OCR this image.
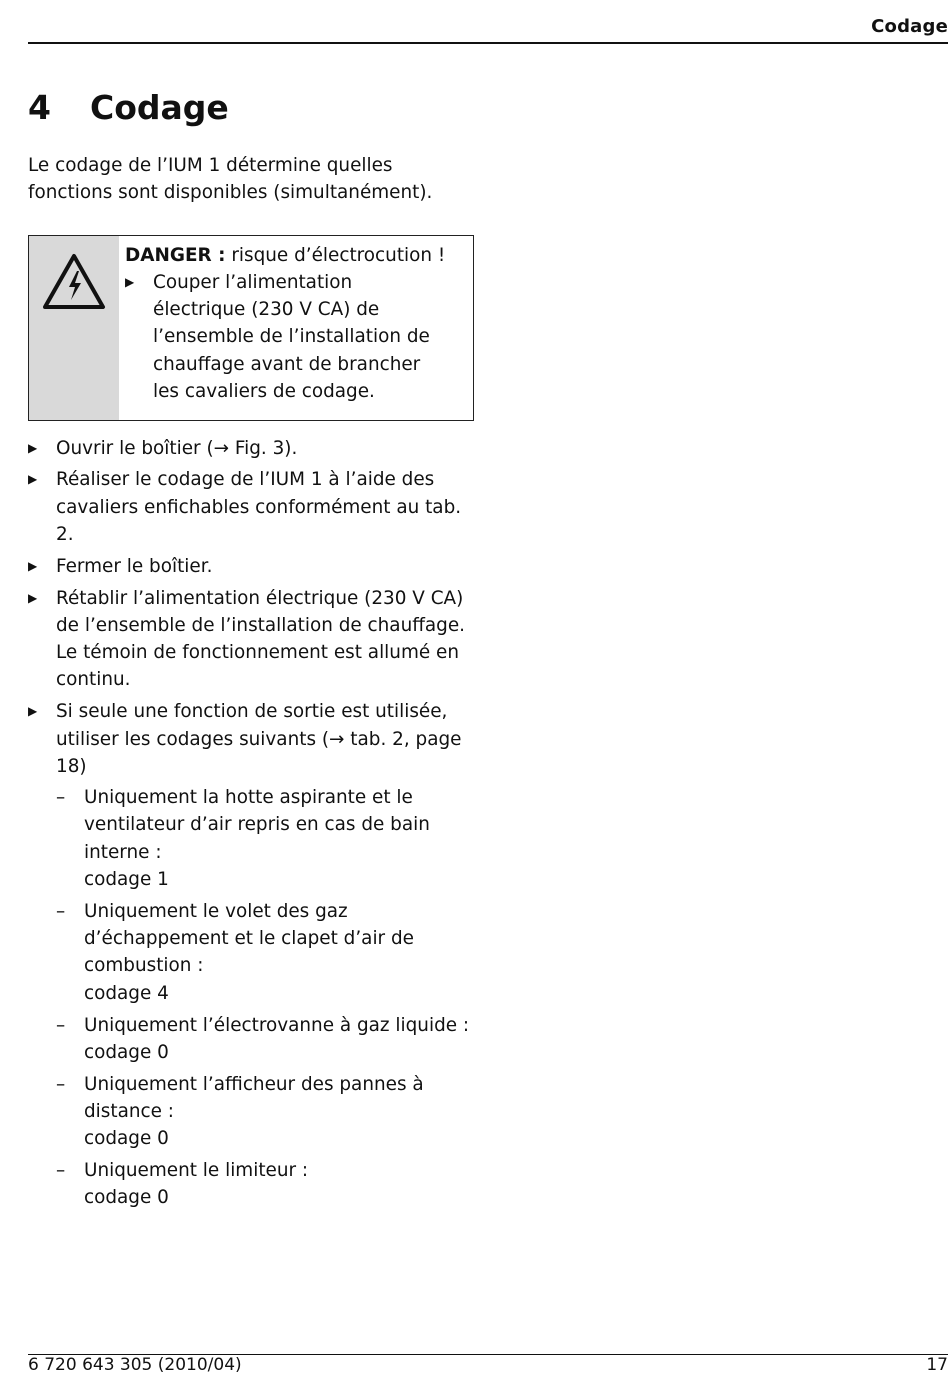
Codage
4 Codage

Le codage de l’IUM 1 détermine quelles fonctions sont disponibles (simultanément).

DANGER : risque d’électrocution !
▶	Couper l’alimentation électrique (230 V CA) de l’ensemble de l’installation de chauffage avant de brancher les cavaliers de codage.
▶	Ouvrir le boîtier (→ Fig. 3).
▶	Réaliser le codage de l’IUM 1 à l’aide des cavaliers enfichables conformément au tab. 2.
▶	Fermer le boîtier.
▶	Rétablir l’alimentation électrique (230 V CA) de l’ensemble de l’installation de chauffage.
Le témoin de fonctionnement est allumé en continu.
▶	Si seule une fonction de sortie est utilisée, utiliser les codages suivants (→ tab. 2, page 18)
–	Uniquement la hotte aspirante et le ventilateur d’air repris en cas de bain interne :
codage 1
–	Uniquement le volet des gaz d’échappement et le clapet d’air de combustion :
codage 4
–	Uniquement l’électrovanne à gaz liquide :
codage 0
–	Uniquement l’afficheur des pannes à distance :
codage 0
–	Uniquement le limiteur :
codage 0
6 720 643 305 (2010/04)	17
